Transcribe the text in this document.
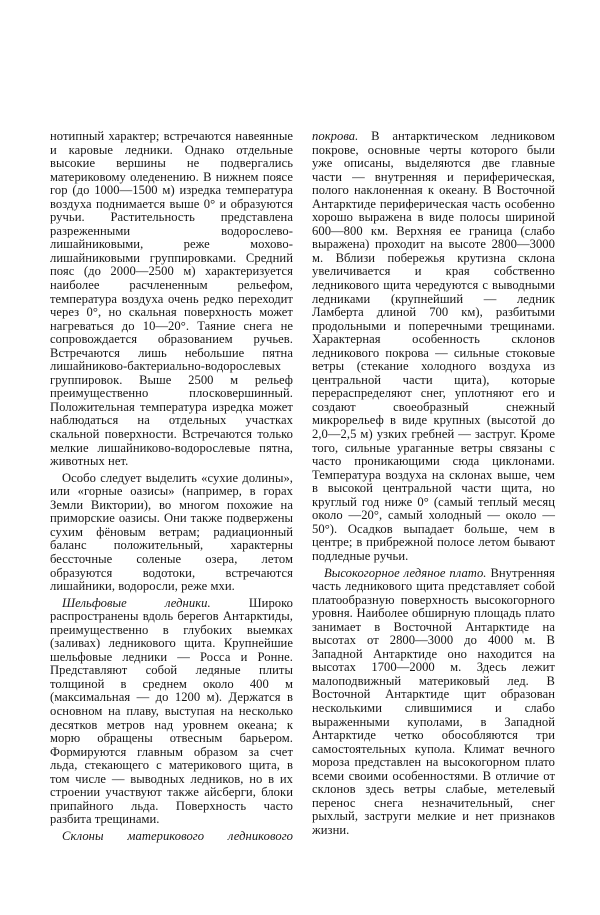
нотипный характер; встречаются навеянные и каровые ледники. Однако отдельные высокие вершины не подвергались материковому оледенению. В нижнем поясе гор (до 1000—1500 м) изредка температура воздуха поднимается выше 0° и образуются ручьи. Растительность представлена разреженными водорослево-лишайниковыми, реже моховo-лишайниковыми группировками. Средний пояс (до 2000—2500 м) характеризуется наиболее расчлененным рельефом, температура воздуха очень редко переходит через 0°, но скальная поверхность может нагреваться до 10—20°. Таяние снега не сопровождается образованием ручьев. Встречаются лишь небольшие пятна лишайниково-бактериально-водорослевых группировок. Выше 2500 м рельеф преимущественно плосковершинный. Положительная температура изредка может наблюдаться на отдельных участках скальной поверхности. Встречаются только мелкие лишайниково-водорослевые пятна, животных нет.

Особо следует выделить «сухие долины», или «горные оазисы» (например, в горах Земли Виктории), во многом похожие на приморские оазисы. Они также подвержены сухим фёновым ветрам; радиационный баланс положительный, характерны бессточные соленые озера, летом образуются водотоки, встречаются лишайники, водоросли, реже мхи.

Шельфовые ледники. Широко распространены вдоль берегов Антарктиды, преимущественно в глубоких выемках (заливах) ледникового щита. Крупнейшие шельфовые ледники — Росса и Ронне. Представляют собой ледяные плиты толщиной в среднем около 400 м (максимальная — до 1200 м). Держатся в основном на плаву, выступая на несколько десятков метров над уровнем океана; к морю обращены отвесным барьером. Формируются главным образом за счет льда, стекающего с материкового щита, в том числе — выводных ледников, но в их строении участвуют также айсберги, блоки припайного льда. Поверхность часто разбита трещинами.

Склоны материкового ледникового

покрова. В антарктическом ледниковом покрове, основные черты которого были уже описаны, выделяются две главные части — внутренняя и периферическая, полого наклоненная к океану. В Восточной Антарктиде периферическая часть особенно хорошо выражена в виде полосы шириной 600—800 км. Верхняя ее граница (слабо выражена) проходит на высоте 2800—3000 м. Вблизи побережья крутизна склона увеличивается и края собственно ледникового щита чередуются с выводными ледниками (крупнейший — ледник Ламберта длиной 700 км), разбитыми продольными и поперечными трещинами. Характерная особенность склонов ледникового покрова — сильные стоковые ветры (стекание холодного воздуха из центральной части щита), которые перераспределяют снег, уплотняют его и создают своеобразный снежный микрорельеф в виде крупных (высотой до 2,0—2,5 м) узких гребней — заструг. Кроме того, сильные ураганные ветры связаны с часто проникающими сюда циклонами. Температура воздуха на склонах выше, чем в высокой центральной части щита, но круглый год ниже 0° (самый теплый месяц около —20°, самый холодный — около —50°). Осадков выпадает больше, чем в центре; в прибрежной полосе летом бывают подледные ручьи.

Высокогорное ледяное плато. Внутренняя часть ледникового щита представляет собой платообразную поверхность высокогорного уровня. Наиболее обширную площадь плато занимает в Восточной Антарктиде на высотах от 2800—3000 до 4000 м. В Западной Антарктиде оно находится на высотах 1700—2000 м. Здесь лежит малоподвижный материковый лед. В Восточной Антарктиде щит образован несколькими слившимися и слабо выраженными куполами, в Западной Антарктиде четко обособляются три самостоятельных купола. Климат вечного мороза представлен на высокогорном плато всеми своими особенностями. В отличие от склонов здесь ветры слабые, метелевый перенос снега незначительный, снег рыхлый, заструги мелкие и нет признаков жизни.
